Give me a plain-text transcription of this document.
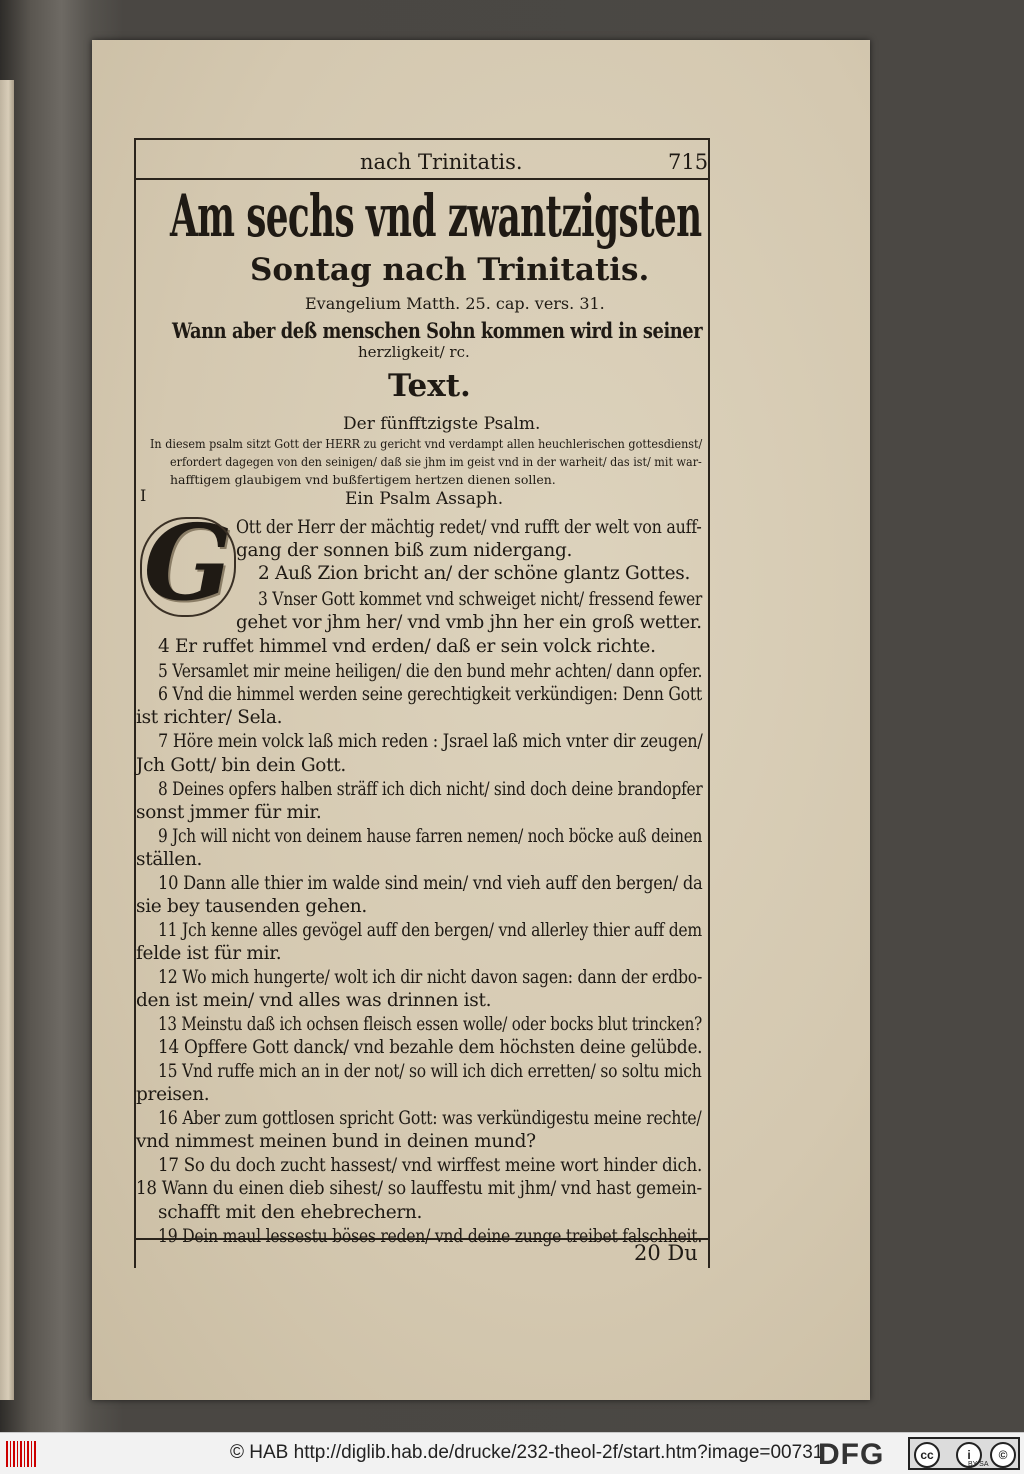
nach Trinitatis.	715
Am sechs vnd zwantzigsten
Sontag nach Trinitatis.
Evangelium Matth. 25. cap. vers. 31.
Wann aber deß menschen Sohn kommen wird in seiner
herzligkeit/ rc.
Text.
Der fünfftzigste Psalm.
In diesem psalm sitzt Gott der HERR zu gericht vnd verdampt allen heuchlerischen gottesdienst/
erfordert dagegen von den seinigen/ daß sie jhm im geist vnd in der warheit/ das ist/ mit war-
hafftigem glaubigem vnd bußfertigem hertzen dienen sollen.
I	Ein Psalm Assaph.
G Ott der Herr der mächtig redet/ vnd rufft der welt von auff-
gang der sonnen biß zum nidergang.
2 Auß Zion bricht an/ der schöne glantz Gottes.
3 Vnser Gott kommet vnd schweiget nicht/ fressend fewer
gehet vor jhm her/ vnd vmb jhn her ein groß wetter.
4 Er ruffet himmel vnd erden/ daß er sein volck richte.
5 Versamlet mir meine heiligen/ die den bund mehr achten/ dann opfer.
6 Vnd die himmel werden seine gerechtigkeit verkündigen: Denn Gott
ist richter/ Sela.
7 Höre mein volck laß mich reden : Jsrael laß mich vnter dir zeugen/
Jch Gott/ bin dein Gott.
8 Deines opfers halben sträff ich dich nicht/ sind doch deine brandopfer
sonst jmmer für mir.
9 Jch will nicht von deinem hause farren nemen/ noch böcke auß deinen
ställen.
10 Dann alle thier im walde sind mein/ vnd vieh auff den bergen/ da
sie bey tausenden gehen.
11 Jch kenne alles gevögel auff den bergen/ vnd allerley thier auff dem
felde ist für mir.
12 Wo mich hungerte/ wolt ich dir nicht davon sagen: dann der erdbo-
den ist mein/ vnd alles was drinnen ist.
13 Meinstu daß ich ochsen fleisch essen wolle/ oder bocks blut trincken?
14 Opffere Gott danck/ vnd bezahle dem höchsten deine gelübde.
15 Vnd ruffe mich an in der not/ so will ich dich erretten/ so soltu mich
preisen.
16 Aber zum gottlosen spricht Gott: was verkündigestu meine rechte/
vnd nimmest meinen bund in deinen mund?
17 So du doch zucht hassest/ vnd wirffest meine wort hinder dich.
18 Wann du einen dieb sihest/ so lauffestu mit jhm/ vnd hast gemein-
schafft mit den ehebrechern.
19 Dein maul lessestu böses reden/ vnd deine zunge treibet falschheit.
20 Du
© HAB http://diglib.hab.de/drucke/232-theol-2f/start.htm?image=00731
DFG	cc	i	©
BY SA
